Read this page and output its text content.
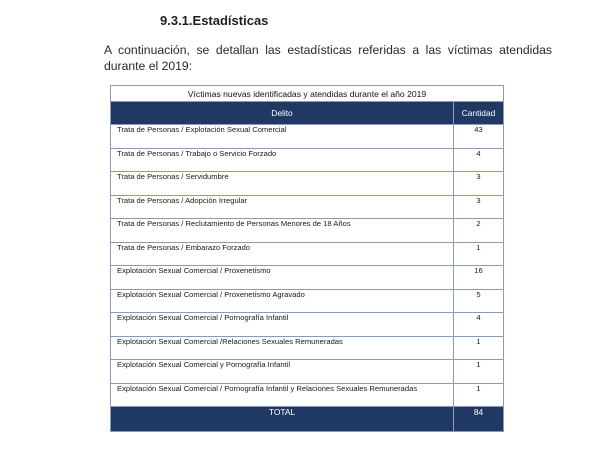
9.3.1.Estadísticas
A continuación, se detallan las estadísticas referidas a las víctimas atendidas durante el 2019:
Víctimas nuevas identificadas y atendidas durante el año 2019	
Delito	Cantidad
Trata de Personas / Explotación Sexual Comercial	43
Trata de Personas / Trabajo o Servicio Forzado	4
Trata de Personas / Servidumbre	3
Trata de Personas / Adopción Irregular	3
Trata de Personas / Reclutamiento de Personas Menores de 18 Años	2
Trata de Personas / Embarazo Forzado	1
Explotación Sexual Comercial / Proxenetismo	16
Explotación Sexual Comercial / Proxenetismo Agravado	5
Explotación Sexual Comercial / Pornografía Infantil	4
Explotación Sexual Comercial /Relaciones Sexuales Remuneradas	1
Explotación Sexual Comercial y Pornografía Infantil	1
Explotación Sexual Comercial / Pornografía Infantil y Relaciones Sexuales Remuneradas	1
TOTAL	84
